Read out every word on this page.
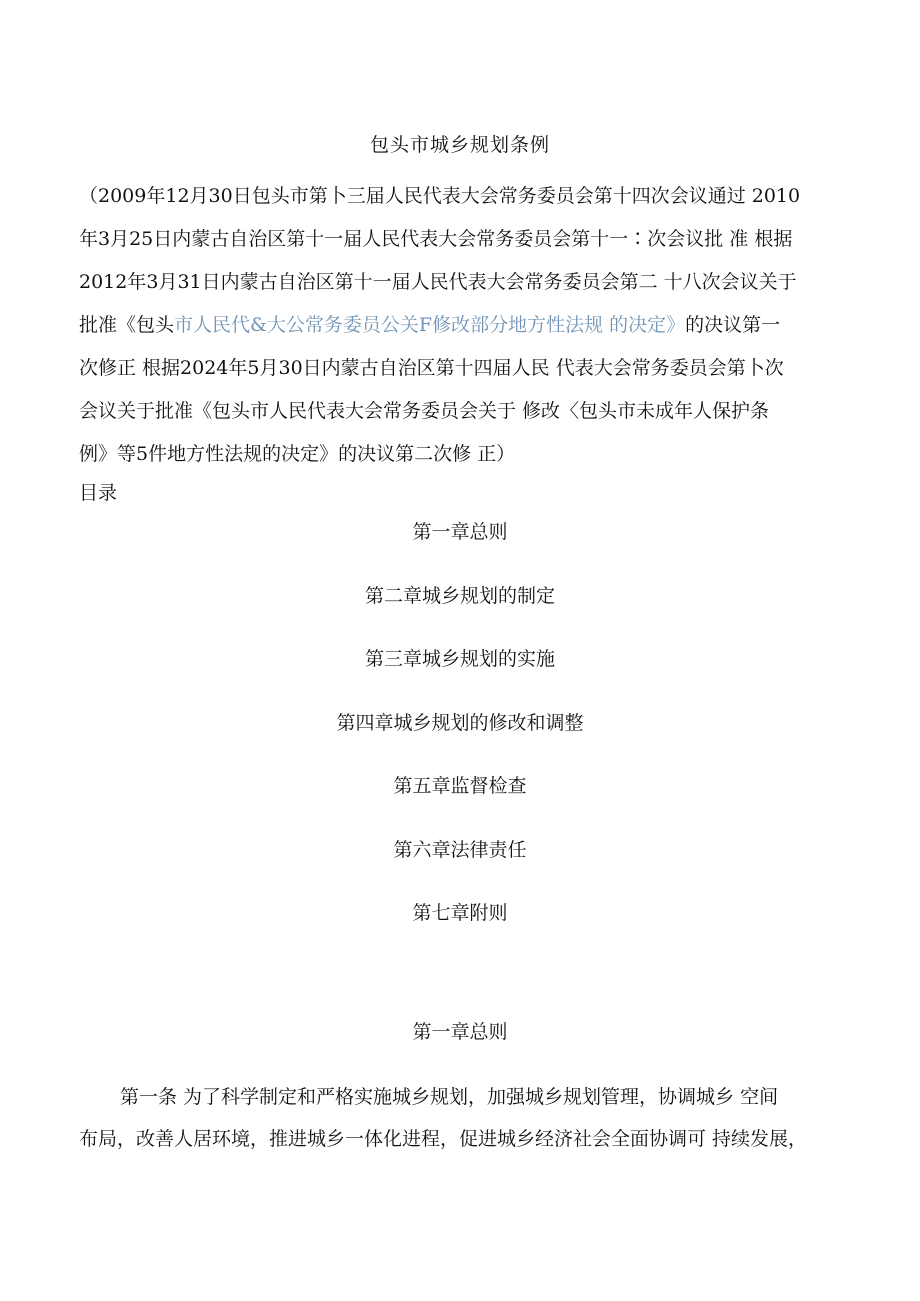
包头市城乡规划条例
（2009年12月30日包头市第卜三届人民代表大会常务委员会第十四次会议通过 2010
年3月25日内蒙古自治区第十一届人民代表大会常务委员会第十一∶次会议批 准 根据
2012年3月31日内蒙古自治区第十一届人民代表大会常务委员会第二 十八次会议关于
批准《包头市人民代&大公常务委员公关F修改部分地方性法规 的决定》的决议第一
次修正 根据2024年5月30日内蒙古自治区第十四届人民 代表大会常务委员会第卜次
会议关于批准《包头市人民代表大会常务委员会关于 修改〈包头市未成年人保护条
例》等5件地方性法规的决定》的决议第二次修 正）
目录
第一章总则
第二章城乡规划的制定
第三章城乡规划的实施
第四章城乡规划的修改和调整
第五章监督检查
第六章法律责任
第七章附则
第一章总则
第一条 为了科学制定和严格实施城乡规划，加强城乡规划管理，协调城乡 空间
布局，改善人居环境，推进城乡一体化进程，促进城乡经济社会全面协调可 持续发展，
